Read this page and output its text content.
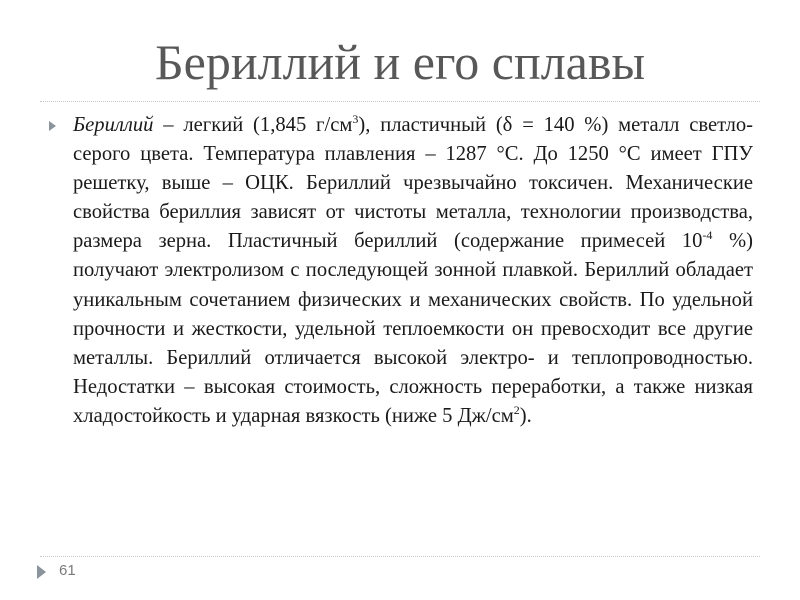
Бериллий и его сплавы
Бериллий – легкий (1,845 $г/см^3$), пластичный (δ = 140 %) металл светло-серого цвета. Температура плавления – 1287 °С. До 1250 °С имеет ГПУ решетку, выше – ОЦК. Бериллий чрезвычайно токсичен. Механические свойства бериллия зависят от чистоты металла, технологии производства, размера зерна. Пластичный бериллий (содержание примесей $10^{-4}$ %) получают электролизом с последующей зонной плавкой. Бериллий обладает уникальным сочетанием физических и механических свойств. По удельной прочности и жесткости, удельной теплоемкости он превосходит все другие металлы. Бериллий отличается высокой электро- и теплопроводностью. Недостатки – высокая стоимость, сложность переработки, а также низкая хладостойкость и ударная вязкость (ниже 5 $Дж/см^2$).
61
